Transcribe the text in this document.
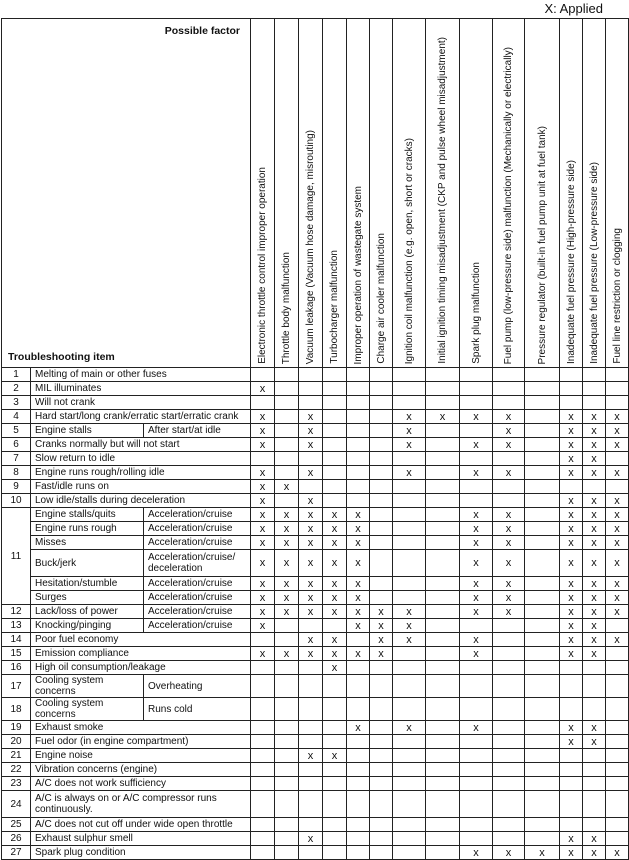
X: Applied
Possible factor
Troubleshooting item			Electronic throttle control improper operation	Throttle body malfunction	Vacuum leakage (Vacuum hose damage, misrouting)	Turbocharger malfunction	Improper operation of wastegate system	Charge air cooler malfunction	Ignition coil malfunction (e.g. open, short or cracks)	Initial ignition timing misadjustment (CKP and pulse wheel misadjustment)	Spark plug malfunction	Fuel pump (low-pressure side) malfunction (Mechanically or electrically)	Pressure regulator (built-in fuel pump unit at fuel tank)	Inadequate fuel pressure (High-pressure side)	Inadequate fuel pressure (Low-pressure side)	Fuel line restriction or clogging

1	Melting of main or other fuses															
2	MIL illuminates		x													
3	Will not crank															
4	Hard start/long crank/erratic start/erratic crank		x		x				x	x	x	x		x	x	x
5	Engine stalls	After start/at idle	x		x				x			x		x	x	x
6	Cranks normally but will not start		x		x				x		x	x		x	x	x
7	Slow return to idle													x	x	
8	Engine runs rough/rolling idle		x		x				x		x	x		x	x	x
9	Fast/idle runs on		x	x												
10	Low idle/stalls during deceleration		x		x									x	x	x
11	Engine stalls/quits	Acceleration/cruise	x	x	x	x	x				x	x		x	x	x
	Engine runs rough	Acceleration/cruise	x	x	x	x	x				x	x		x	x	x
	Misses	Acceleration/cruise	x	x	x	x	x				x	x		x	x	x
	Buck/jerk	Acceleration/cruise/ deceleration	x	x	x	x	x				x	x		x	x	x
	Hesitation/stumble	Acceleration/cruise	x	x	x	x	x				x	x		x	x	x
	Surges	Acceleration/cruise	x	x	x	x	x				x	x		x	x	x
12	Lack/loss of power	Acceleration/cruise	x	x	x	x	x	x	x		x	x		x	x	x
13	Knocking/pinging	Acceleration/cruise	x				x	x	x					x	x	
14	Poor fuel economy				x	x		x	x		x			x	x	x
15	Emission compliance		x	x	x	x	x	x			x			x	x	
16	High oil consumption/leakage					x										
17	Cooling system concerns	Overheating														
18	Cooling system concerns	Runs cold														
19	Exhaust smoke						x		x		x			x	x	
20	Fuel odor (in engine compartment)													x	x	
21	Engine noise				x	x										
22	Vibration concerns (engine)															
23	A/C does not work sufficiency															
24	A/C is always on or A/C compressor runs continuously.															
25	A/C does not cut off under wide open throttle															
26	Exhaust sulphur smell				x									x	x	
27	Spark plug condition										x	x	x	x	x	x
